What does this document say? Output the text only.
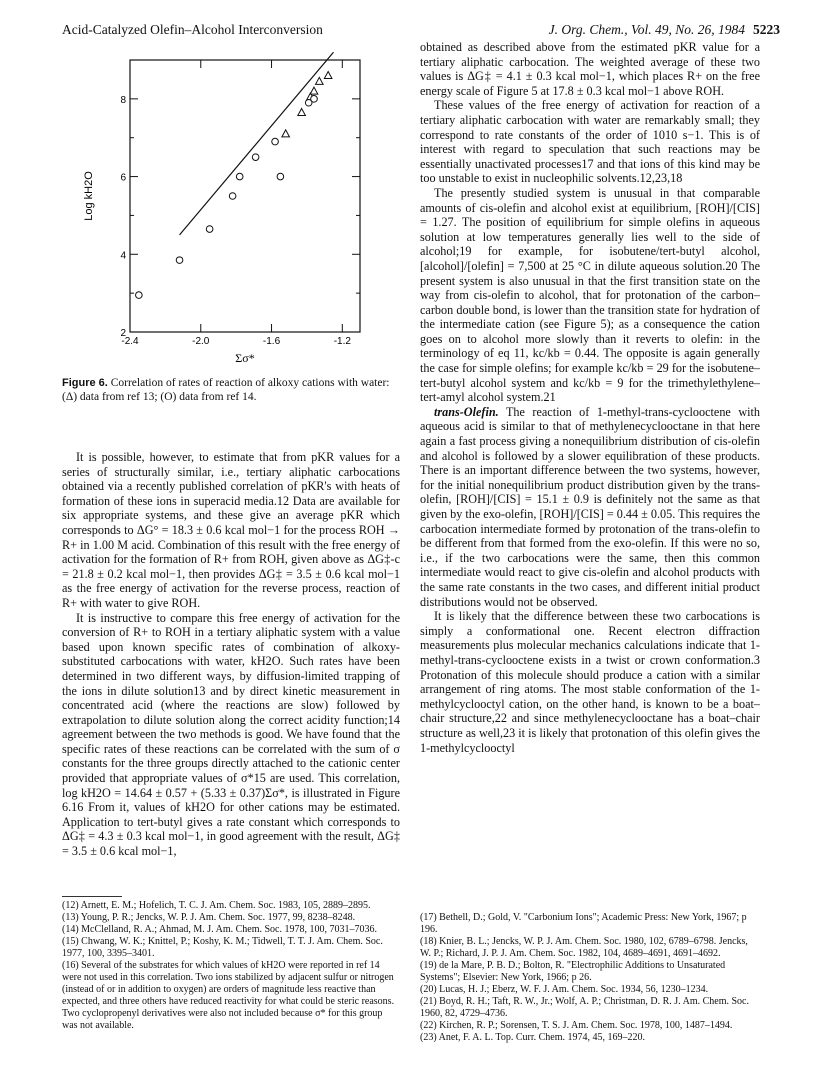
Acid-Catalyzed Olefin–Alcohol Interconversion	J. Org. Chem., Vol. 49, No. 26, 1984 5223
-2.4	-2.0	-1.6	-1.2
2
4
6
8
Σσ*
Log kH2O
Figure 6. Correlation of rates of reaction of alkoxy cations with water: (Δ) data from ref 13; (O) data from ref 14.

It is possible, however, to estimate that from pKR values for a series of structurally similar, i.e., tertiary aliphatic carbocations obtained via a recently published correlation of pKR's with heats of formation of these ions in superacid media.12 Data are available for six appropriate systems, and these give an average pKR which corresponds to ΔG° = 18.3 ± 0.6 kcal mol−1 for the process ROH → R+ in 1.00 M acid. Combination of this result with the free energy of activation for the formation of R+ from ROH, given above as ΔG‡-c = 21.8 ± 0.2 kcal mol−1, then provides ΔG‡ = 3.5 ± 0.6 kcal mol−1 as the free energy of activation for the reverse process, reaction of R+ with water to give ROH.

It is instructive to compare this free energy of activation for the conversion of R+ to ROH in a tertiary aliphatic system with a value based upon known specific rates of combination of alkoxy-substituted carbocations with water, kH2O. Such rates have been determined in two different ways, by diffusion-limited trapping of the ions in dilute solution13 and by direct kinetic measurement in concentrated acid (where the reactions are slow) followed by extrapolation to dilute solution along the correct acidity function;14 agreement between the two methods is good. We have found that the specific rates of these reactions can be correlated with the sum of σ constants for the three groups directly attached to the cationic center provided that appropriate values of σ*15 are used. This correlation, log kH2O = 14.64 ± 0.57 + (5.33 ± 0.37)Σσ*, is illustrated in Figure 6.16 From it, values of kH2O for other cations may be estimated. Application to tert-butyl gives a rate constant which corresponds to ΔG‡ = 4.3 ± 0.3 kcal mol−1, in good agreement with the result, ΔG‡ = 3.5 ± 0.6 kcal mol−1,

obtained as described above from the estimated pKR value for a tertiary aliphatic carbocation. The weighted average of these two values is ΔG‡ = 4.1 ± 0.3 kcal mol−1, which places R+ on the free energy scale of Figure 5 at 17.8 ± 0.3 kcal mol−1 above ROH.

These values of the free energy of activation for reaction of a tertiary aliphatic carbocation with water are remarkably small; they correspond to rate constants of the order of 1010 s−1. This is of interest with regard to speculation that such reactions may be essentially unactivated processes17 and that ions of this kind may be too unstable to exist in nucleophilic solvents.12,23,18

The presently studied system is unusual in that comparable amounts of cis-olefin and alcohol exist at equilibrium, [ROH]/[CIS] = 1.27. The position of equilibrium for simple olefins in aqueous solution at low temperatures generally lies well to the side of alcohol;19 for example, for isobutene/tert-butyl alcohol, [alcohol]/[olefin] = 7,500 at 25 °C in dilute aqueous solution.20 The present system is also unusual in that the first transition state on the way from cis-olefin to alcohol, that for protonation of the carbon–carbon double bond, is lower than the transition state for hydration of the intermediate cation (see Figure 5); as a consequence the cation goes on to alcohol more slowly than it reverts to olefin: in the terminology of eq 11, kc/kb = 0.44. The opposite is again generally the case for simple olefins; for example kc/kb = 29 for the isobutene–tert-butyl alcohol system and kc/kb = 9 for the trimethylethylene–tert-amyl alcohol system.21

trans-Olefin. The reaction of 1-methyl-trans-cyclooctene with aqueous acid is similar to that of methylenecyclooctane in that here again a fast process giving a nonequilibrium distribution of cis-olefin and alcohol is followed by a slower equilibration of these products. There is an important difference between the two systems, however, for the initial nonequilibrium product distribution given by the trans-olefin, [ROH]/[CIS] = 15.1 ± 0.9 is definitely not the same as that given by the exo-olefin, [ROH]/[CIS] = 0.44 ± 0.05. This requires the carbocation intermediate formed by protonation of the trans-olefin to be different from that formed from the exo-olefin. If this were no so, i.e., if the two carbocations were the same, then this common intermediate would react to give cis-olefin and alcohol products with the same rate constants in the two cases, and different initial product distributions would not be observed.

It is likely that the difference between these two carbocations is simply a conformational one. Recent electron diffraction measurements plus molecular mechanics calculations indicate that 1-methyl-trans-cyclooctene exists in a twist or crown conformation.3 Protonation of this molecule should produce a cation with a similar arrangement of ring atoms. The most stable conformation of the 1-methylcyclooctyl cation, on the other hand, is known to be a boat–chair structure,22 and since methylenecyclooctane has a boat–chair structure as well,23 it is likely that protonation of this olefin gives the 1-methylcyclooctyl

(12) Arnett, E. M.; Hofelich, T. C. J. Am. Chem. Soc. 1983, 105, 2889–2895.

(13) Young, P. R.; Jencks, W. P. J. Am. Chem. Soc. 1977, 99, 8238–8248.

(14) McClelland, R. A.; Ahmad, M. J. Am. Chem. Soc. 1978, 100, 7031–7036.

(15) Chwang, W. K.; Knittel, P.; Koshy, K. M.; Tidwell, T. T. J. Am. Chem. Soc. 1977, 100, 3395–3401.

(16) Several of the substrates for which values of kH2O were reported in ref 14 were not used in this correlation. Two ions stabilized by adjacent sulfur or nitrogen (instead of or in addition to oxygen) are orders of magnitude less reactive than expected, and three others have reduced reactivity for what could be steric reasons. Two cyclopropenyl derivatives were also not included because σ* for this group was not available.

(17) Bethell, D.; Gold, V. "Carbonium Ions"; Academic Press: New York, 1967; p 196.

(18) Knier, B. L.; Jencks, W. P. J. Am. Chem. Soc. 1980, 102, 6789–6798. Jencks, W. P.; Richard, J. P. J. Am. Chem. Soc. 1982, 104, 4689–4691, 4691–4692.

(19) de la Mare, P. B. D.; Bolton, R. "Electrophilic Additions to Unsaturated Systems"; Elsevier: New York, 1966; p 26.

(20) Lucas, H. J.; Eberz, W. F. J. Am. Chem. Soc. 1934, 56, 1230–1234.

(21) Boyd, R. H.; Taft, R. W., Jr.; Wolf, A. P.; Christman, D. R. J. Am. Chem. Soc. 1960, 82, 4729–4736.

(22) Kirchen, R. P.; Sorensen, T. S. J. Am. Chem. Soc. 1978, 100, 1487–1494.

(23) Anet, F. A. L. Top. Curr. Chem. 1974, 45, 169–220.
